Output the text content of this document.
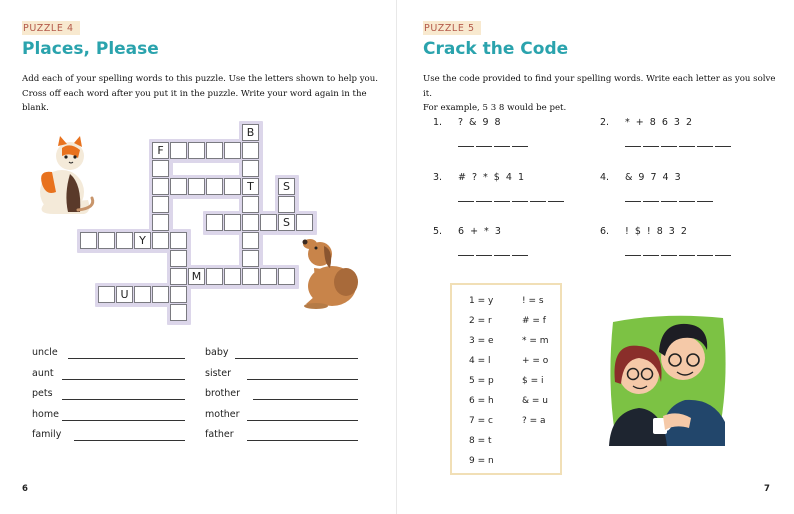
PUZZLE 4
Places, Please
Add each of your spelling words to this puzzle. Use the letters shown to help you.
Cross off each word after you put it in the puzzle. Write your word again in the blank.
B
T
F
S
S
Y
M
U
uncle
aunt
pets
home
family
baby
sister
brother
mother
father
6
PUZZLE 5
Crack the Code
Use the code provided to find your spelling words. Write each letter as you solve it.
For example, 5 3 8 would be pet.
1. ? & 9 8	2. * + 8 6 3 2
3. # ? * $ 4 1	4. & 9 7 4 3
5. 6 + * 3	6. ! $ ! 8 3 2
1 = y
2 = r
3 = e
4 = l
5 = p
6 = h
7 = c
8 = t
9 = n
! = s
# = f
* = m
+ = o
$ = i
& = u
? = a
7
